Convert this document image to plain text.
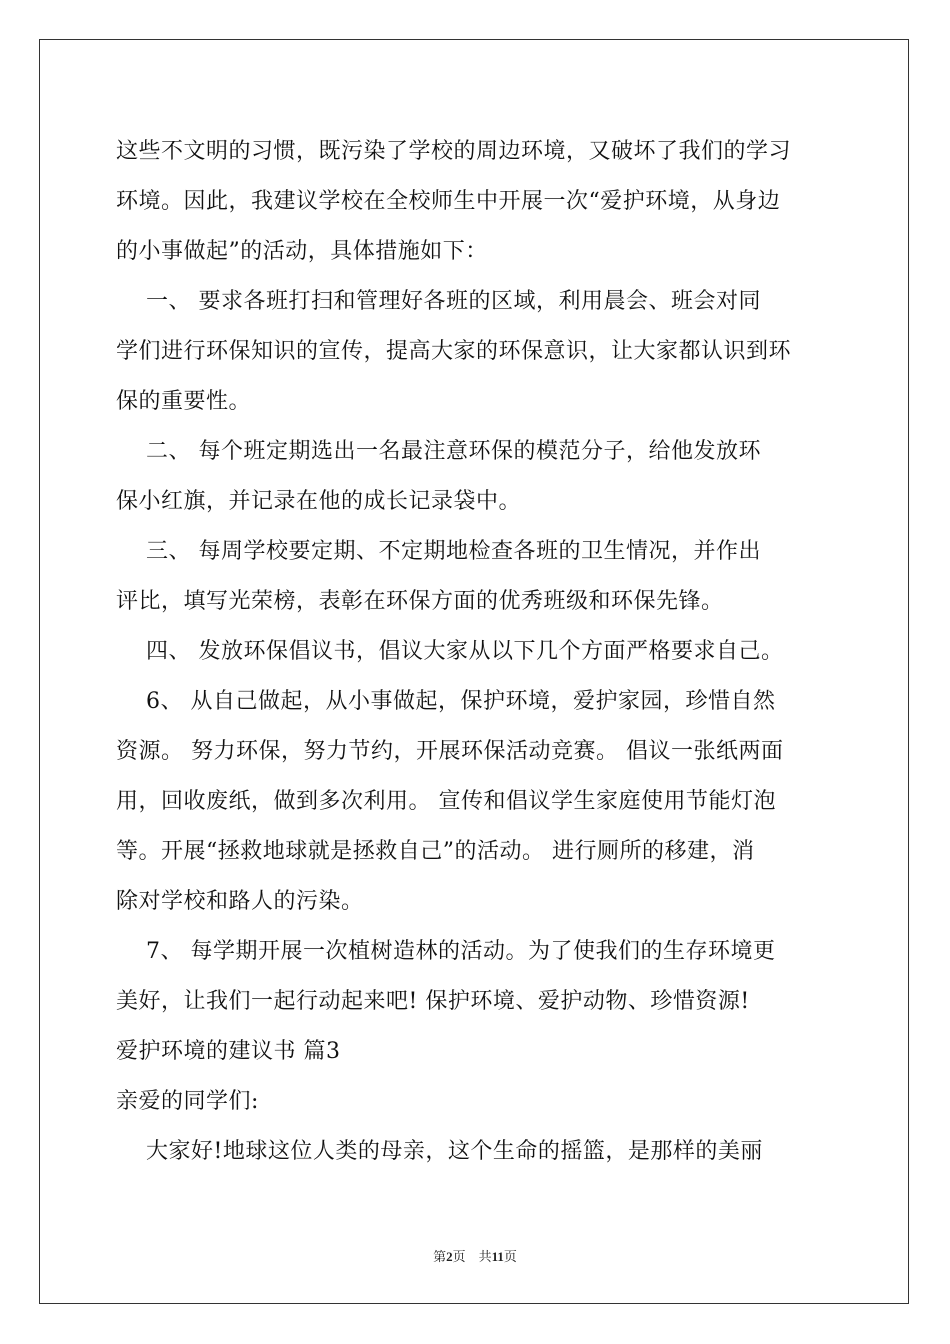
这些不文明的习惯，既污染了学校的周边环境，又破坏了我们的学习
环境。因此，我建议学校在全校师生中开展一次“爱护环境，从身边
的小事做起”的活动，具体措施如下：
一、 要求各班打扫和管理好各班的区域，利用晨会、班会对同
学们进行环保知识的宣传，提高大家的环保意识，让大家都认识到环
保的重要性。
二、 每个班定期选出一名最注意环保的模范分子，给他发放环
保小红旗，并记录在他的成长记录袋中。
三、 每周学校要定期、不定期地检查各班的卫生情况，并作出
评比，填写光荣榜，表彰在环保方面的优秀班级和环保先锋。
四、 发放环保倡议书，倡议大家从以下几个方面严格要求自己。
6、 从自己做起，从小事做起，保护环境，爱护家园，珍惜自然
资源。 努力环保，努力节约，开展环保活动竞赛。 倡议一张纸两面
用，回收废纸，做到多次利用。 宣传和倡议学生家庭使用节能灯泡
等。开展“拯救地球就是拯救自己”的活动。 进行厕所的移建，消
除对学校和路人的污染。
7、 每学期开展一次植树造林的活动。为了使我们的生存环境更
美好，让我们一起行动起来吧! 保护环境、爱护动物、珍惜资源!
爱护环境的建议书 篇3
亲爱的同学们:
大家好!地球这位人类的母亲，这个生命的摇篮，是那样的美丽
第2页　共11页
